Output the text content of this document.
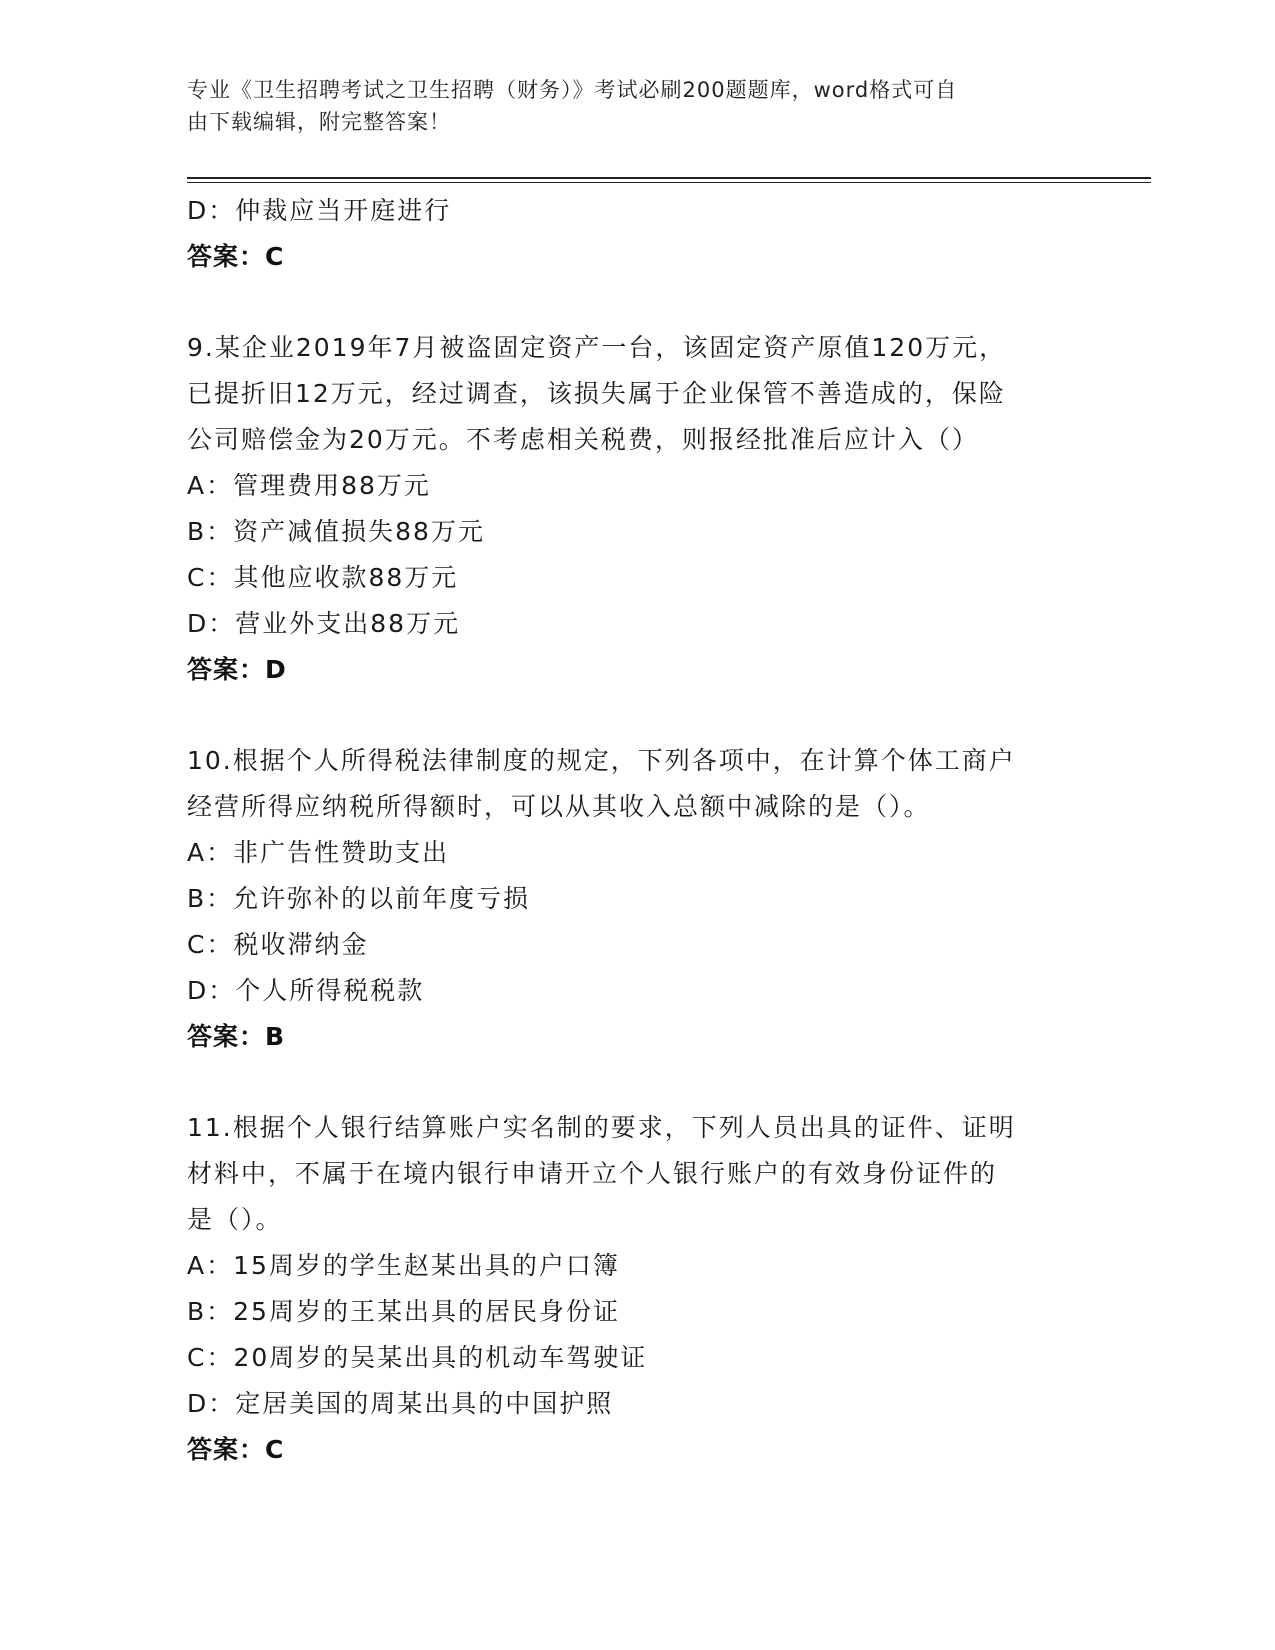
专业《卫生招聘考试之卫生招聘（财务）》考试必刷200题题库，word格式可自
由下载编辑，附完整答案！
D：仲裁应当开庭进行
答案：C
9.某企业2019年7月被盗固定资产一台，该固定资产原值120万元，
已提折旧12万元，经过调查，该损失属于企业保管不善造成的，保险
公司赔偿金为20万元。不考虑相关税费，则报经批准后应计入（）
A：管理费用88万元
B：资产减值损失88万元
C：其他应收款88万元
D：营业外支出88万元
答案：D
10.根据个人所得税法律制度的规定，下列各项中，在计算个体工商户
经营所得应纳税所得额时，可以从其收入总额中减除的是（）。
A：非广告性赞助支出
B：允许弥补的以前年度亏损
C：税收滞纳金
D：个人所得税税款
答案：B
11.根据个人银行结算账户实名制的要求，下列人员出具的证件、证明
材料中，不属于在境内银行申请开立个人银行账户的有效身份证件的
是（）。
A：15周岁的学生赵某出具的户口簿
B：25周岁的王某出具的居民身份证
C：20周岁的吴某出具的机动车驾驶证
D：定居美国的周某出具的中国护照
答案：C
